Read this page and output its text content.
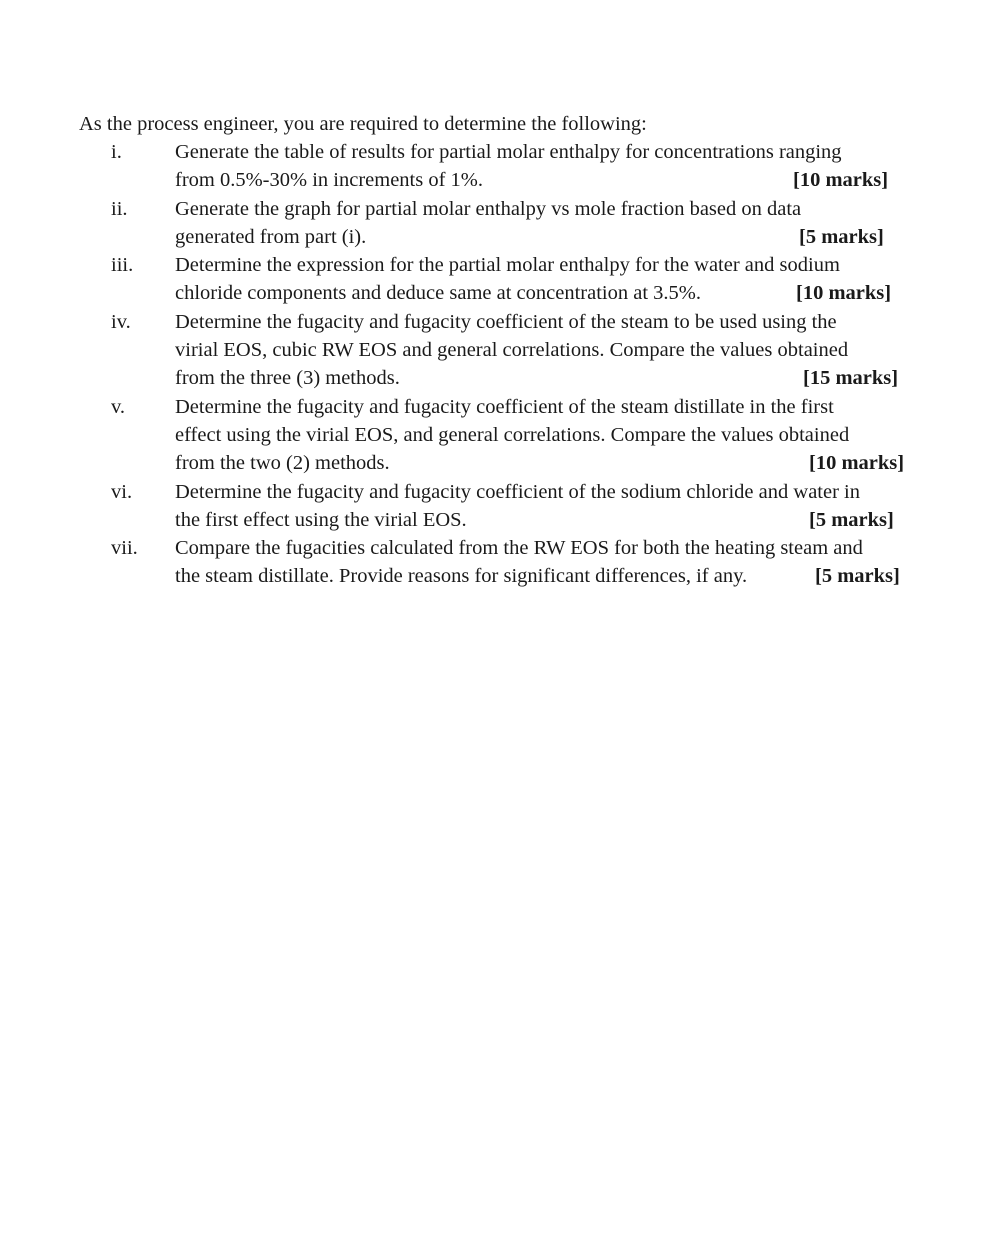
As the process engineer, you are required to determine the following:
i.	Generate the table of results for partial molar enthalpy for concentrations ranging
from 0.5%-30% in increments of 1%.	[10 marks]
ii. Generate the graph for partial molar enthalpy vs mole fraction based on data
generated from part (i).	[5 marks]
iii. Determine the expression for the partial molar enthalpy for the water and sodium
chloride components and deduce same at concentration at 3.5%.	[10 marks]
iv. Determine the fugacity and fugacity coefficient of the steam to be used using the
virial EOS, cubic RW EOS and general correlations. Compare the values obtained
from the three (3) methods.	[15 marks]
v. Determine the fugacity and fugacity coefficient of the steam distillate in the first
effect using the virial EOS, and general correlations. Compare the values obtained
from the two (2) methods.	[10 marks]
vi. Determine the fugacity and fugacity coefficient of the sodium chloride and water in
the first effect using the virial EOS.	[5 marks]
vii. Compare the fugacities calculated from the RW EOS for both the heating steam and
the steam distillate. Provide reasons for significant differences, if any.	[5 marks]
